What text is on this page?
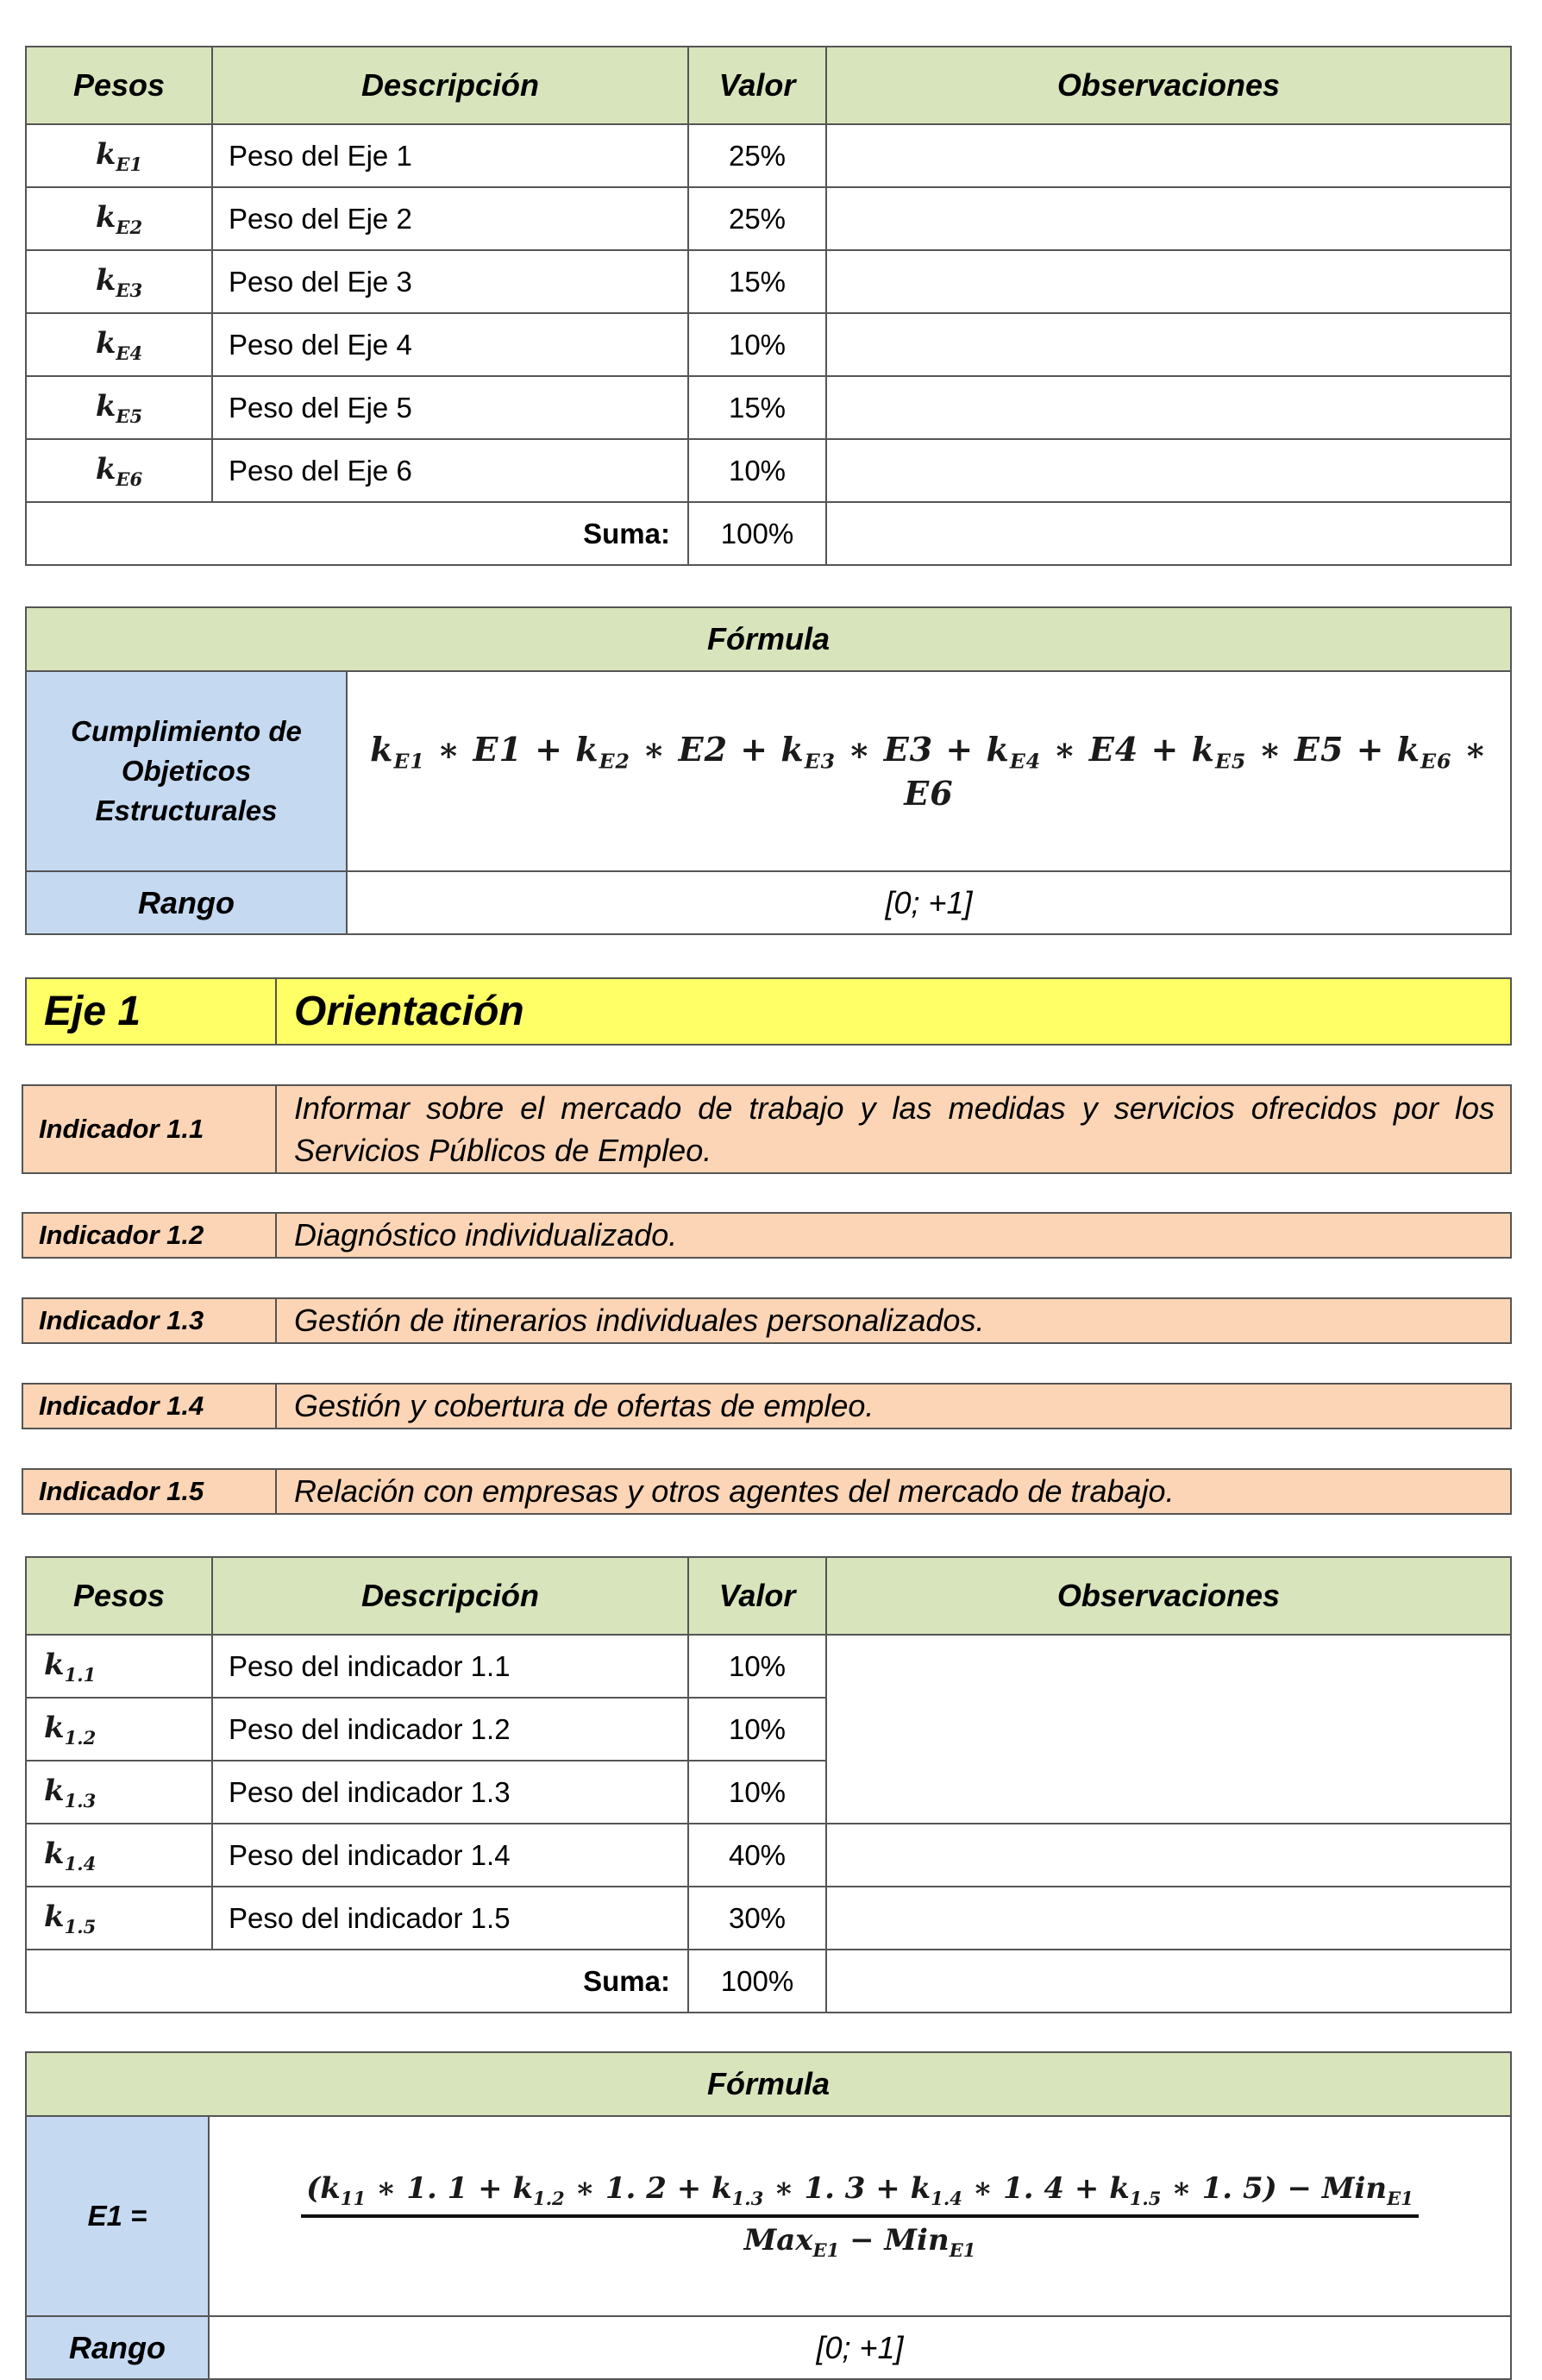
Pesos	Descripción	Valor	Observaciones
$k_{E1}$	Peso del Eje 1	25%	
$k_{E2}$	Peso del Eje 2	25%	
$k_{E3}$	Peso del Eje 3	15%	
$k_{E4}$	Peso del Eje 4	10%	
$k_{E5}$	Peso del Eje 5	15%	
$k_{E6}$	Peso del Eje 6	10%	
Suma:		100%	
Fórmula	
Cumplimiento de Objeticos Estructurales	$k_{E1}$ ∗ $E1 + k_{E2}$ ∗ $E2 + k_{E3}$ ∗ $E3 + k_{E4}$ ∗ $E4 + k_{E5}$ ∗ $E5 + k_{E6}$ ∗ E6
Rango	[0; +1]
Eje 1	Orientación
Indicador 1.1	Informar sobre el mercado de trabajo y las medidas y servicios ofrecidos por los Servicios Públicos de Empleo.
Indicador 1.2	Diagnóstico individualizado.
Indicador 1.3	Gestión de itinerarios individuales personalizados.
Indicador 1.4	Gestión y cobertura de ofertas de empleo.
Indicador 1.5	Relación con empresas y otros agentes del mercado de trabajo.
Pesos	Descripción	Valor	Observaciones
$k_{1.1}$	Peso del indicador 1.1	10%	
$k_{1.2}$	Peso del indicador 1.2	10%	
$k_{1.3}$	Peso del indicador 1.3	10%	
$k_{1.4}$	Peso del indicador 1.4	40%	
$k_{1.5}$	Peso del indicador 1.5	30%	
Suma:		100%	
Fórmula	
E1 =	($k_{11}$ ∗ 1. $1 + k_{1.2}$ ∗ 1. $2 + k_{1.3}$ ∗ 1. $3 + k_{1.4}$ ∗ 1. $4 + k_{1.5}$ ∗ 1. 5) − Min$_{E1}$
Max$_{E1}$ − Min$_{E1}$

Rango	[0; +1]
